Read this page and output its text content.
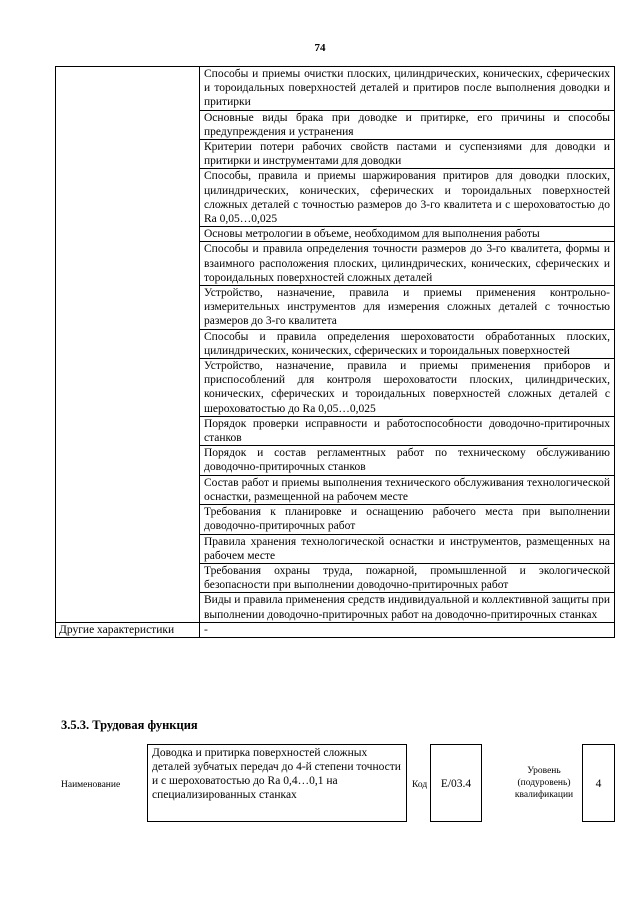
74
	Способы и приемы очистки плоских, цилиндрических, конических, сферических и тороидальных поверхностей деталей и притиров после выполнения доводки и притирки
	Основные виды брака при доводке и притирке, его причины и способы предупреждения и устранения
	Критерии потери рабочих свойств пастами и суспензиями для доводки и притирки и инструментами для доводки
	Способы, правила и приемы шаржирования притиров для доводки плоских, цилиндрических, конических, сферических и тороидальных поверхностей сложных деталей с точностью размеров до 3-го квалитета и с шероховатостью до Ra 0,05…0,025
	Основы метрологии в объеме, необходимом для выполнения работы
	Способы и правила определения точности размеров до 3-го квалитета, формы и взаимного расположения плоских, цилиндрических, конических, сферических и тороидальных поверхностей сложных деталей
	Устройство, назначение, правила и приемы применения контрольно-измерительных инструментов для измерения сложных деталей с точностью размеров до 3-го квалитета
	Способы и правила определения шероховатости обработанных плоских, цилиндрических, конических, сферических и тороидальных поверхностей
	Устройство, назначение, правила и приемы применения приборов и приспособлений для контроля шероховатости плоских, цилиндрических, конических, сферических и тороидальных поверхностей сложных деталей с шероховатостью до Ra 0,05…0,025
	Порядок проверки исправности и работоспособности доводочно-притирочных станков
	Порядок и состав регламентных работ по техническому обслуживанию доводочно-притирочных станков
	Состав работ и приемы выполнения технического обслуживания технологической оснастки, размещенной на рабочем месте
	Требования к планировке и оснащению рабочего места при выполнении доводочно-притирочных работ
	Правила хранения технологической оснастки и инструментов, размещенных на рабочем месте
	Требования охраны труда, пожарной, промышленной и экологической безопасности при выполнении доводочно-притирочных работ
	Виды и правила применения средств индивидуальной и коллективной защиты при выполнении доводочно-притирочных работ на доводочно-притирочных станках
Другие характеристики	-
3.5.3. Трудовая функция
Наименование
Доводка и притирка поверхностей сложных деталей зубчатых передач до 4-й степени точности и с шероховатостью до Ra 0,4…0,1 на специализированных станках
Код	E/03.4
Уровень (подуровень) квалификации
4
